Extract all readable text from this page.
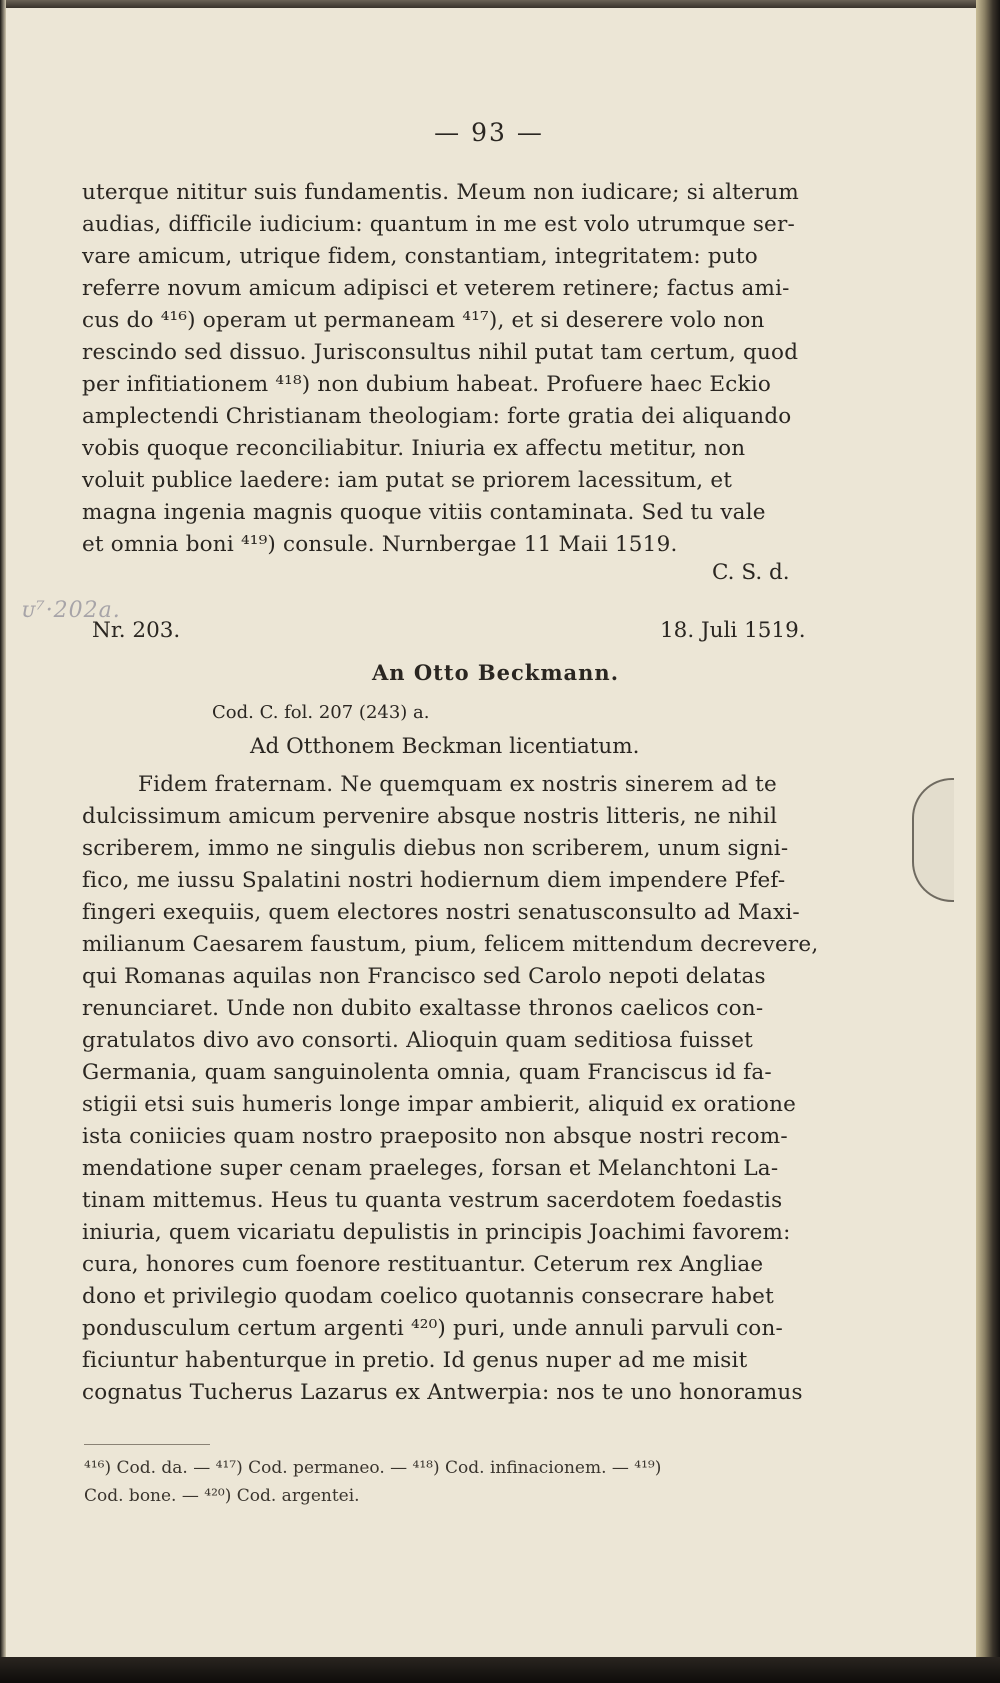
— 93 —
uterque nititur suis fundamentis. Meum non iudicare; si alterum
audias, difficile iudicium: quantum in me est volo utrumque ser-
vare amicum, utrique fidem, constantiam, integritatem: puto
referre novum amicum adipisci et veterem retinere; factus ami-
cus do ⁴¹⁶) operam ut permaneam ⁴¹⁷), et si deserere volo non
rescindo sed dissuo. Jurisconsultus nihil putat tam certum, quod
per infitiationem ⁴¹⁸) non dubium habeat. Profuere haec Eckio
amplectendi Christianam theologiam: forte gratia dei aliquando
vobis quoque reconciliabitur. Iniuria ex affectu metitur, non
voluit publice laedere: iam putat se priorem lacessitum, et
magna ingenia magnis quoque vitiis contaminata. Sed tu vale
et omnia boni ⁴¹⁹) consule. Nurnbergae 11 Maii 1519.
C. S. d.
ᴜ⁷·202a.
Nr. 203.	18. Juli 1519.
An Otto Beckmann.
Cod. C. fol. 207 (243) a.
Ad Otthonem Beckman licentiatum.
Fidem fraternam. Ne quemquam ex nostris sinerem ad te
dulcissimum amicum pervenire absque nostris litteris, ne nihil
scriberem, immo ne singulis diebus non scriberem, unum signi-
fico, me iussu Spalatini nostri hodiernum diem impendere Pfef-
fingeri exequiis, quem electores nostri senatusconsulto ad Maxi-
milianum Caesarem faustum, pium, felicem mittendum decrevere,
qui Romanas aquilas non Francisco sed Carolo nepoti delatas
renunciaret. Unde non dubito exaltasse thronos caelicos con-
gratulatos divo avo consorti. Alioquin quam seditiosa fuisset
Germania, quam sanguinolenta omnia, quam Franciscus id fa-
stigii etsi suis humeris longe impar ambierit, aliquid ex oratione
ista coniicies quam nostro praeposito non absque nostri recom-
mendatione super cenam praeleges, forsan et Melanchtoni La-
tinam mittemus. Heus tu quanta vestrum sacerdotem foedastis
iniuria, quem vicariatu depulistis in principis Joachimi favorem:
cura, honores cum foenore restituantur. Ceterum rex Angliae
dono et privilegio quodam coelico quotannis consecrare habet
pondusculum certum argenti ⁴²⁰) puri, unde annuli parvuli con-
ficiuntur habenturque in pretio. Id genus nuper ad me misit
cognatus Tucherus Lazarus ex Antwerpia: nos te uno honoramus
⁴¹⁶) Cod. da. — ⁴¹⁷) Cod. permaneo. — ⁴¹⁸) Cod. infinacionem. — ⁴¹⁹)
Cod. bone. — ⁴²⁰) Cod. argentei.
